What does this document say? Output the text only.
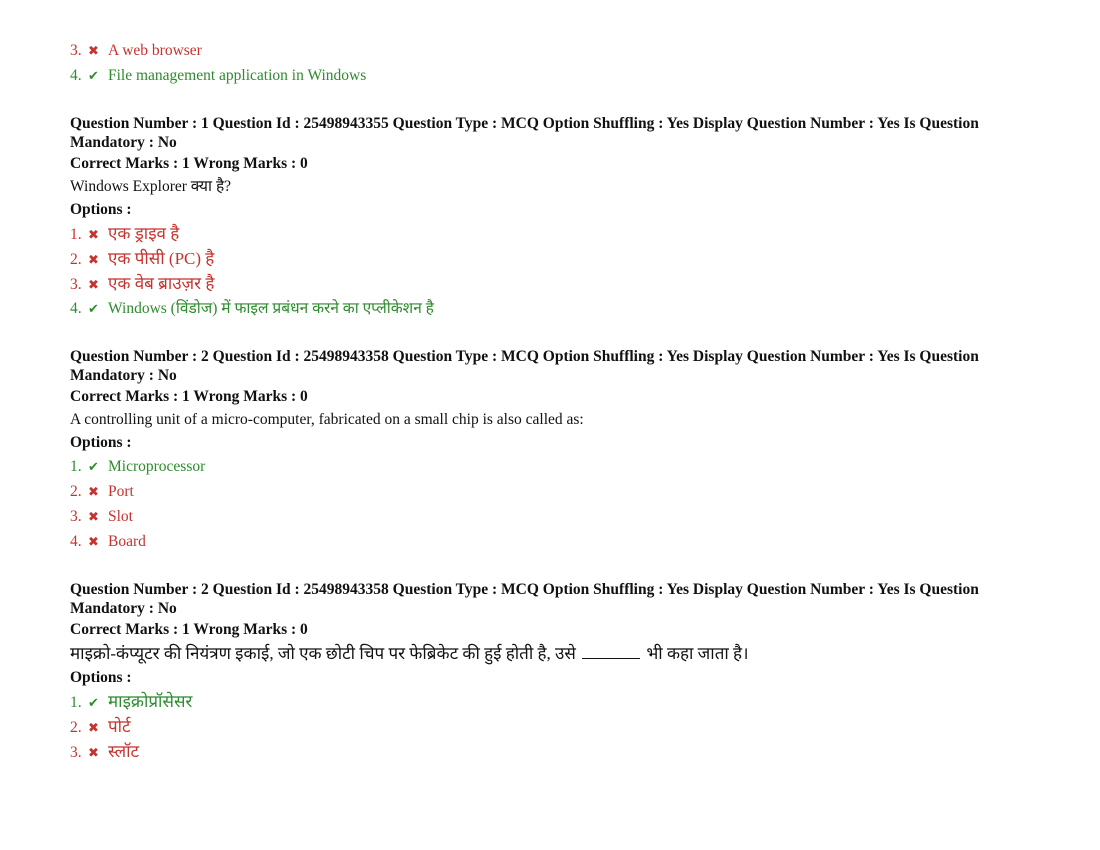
3. ✖ A web browser
4. ✔ File management application in Windows
Question Number : 1 Question Id : 25498943355 Question Type : MCQ Option Shuffling : Yes Display Question Number : Yes Is Question Mandatory : No
Correct Marks : 1 Wrong Marks : 0
Windows Explorer क्या है?
Options :
1. ✖ एक ड्राइव है
2. ✖ एक पीसी (PC) है
3. ✖ एक वेब ब्राउज़र है
4. ✔ Windows (विंडोज) में फाइल प्रबंधन करने का एप्लीकेशन है
Question Number : 2 Question Id : 25498943358 Question Type : MCQ Option Shuffling : Yes Display Question Number : Yes Is Question Mandatory : No
Correct Marks : 1 Wrong Marks : 0
A controlling unit of a micro-computer, fabricated on a small chip is also called as:
Options :
1. ✔ Microprocessor
2. ✖ Port
3. ✖ Slot
4. ✖ Board
Question Number : 2 Question Id : 25498943358 Question Type : MCQ Option Shuffling : Yes Display Question Number : Yes Is Question Mandatory : No
Correct Marks : 1 Wrong Marks : 0
माइक्रो-कंप्यूटर की नियंत्रण इकाई, जो एक छोटी चिप पर फेब्रिकेट की हुई होती है, उसे	भी कहा जाता है।
Options :
1. ✔ माइक्रोप्रॉसेसर
2. ✖ पोर्ट
3. ✖ स्लॉट
